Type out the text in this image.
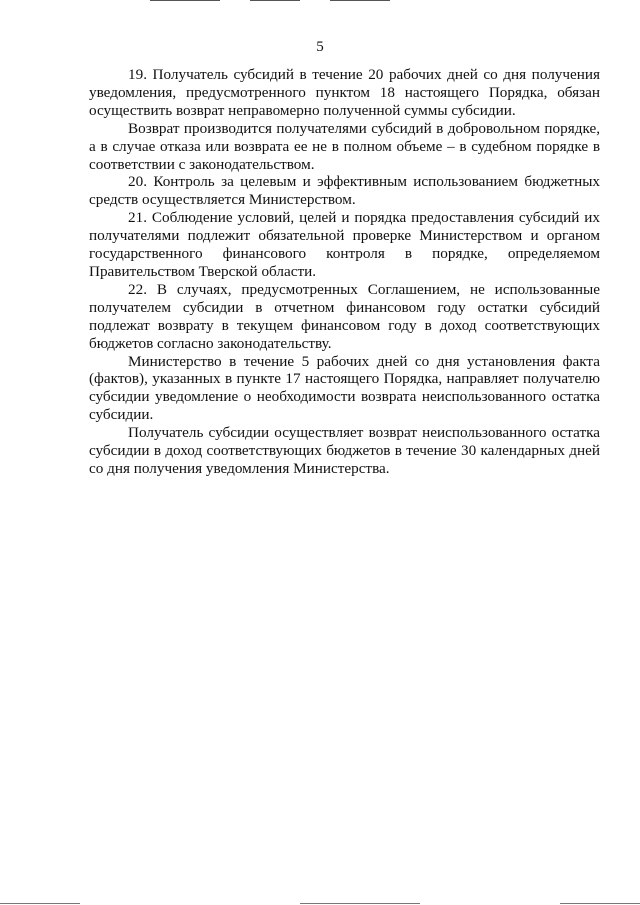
5

19. Получатель субсидий в течение 20 рабочих дней со дня получения уведомления, предусмотренного пунктом 18 настоящего Порядка, обязан осуществить возврат неправомерно полученной суммы субсидии.

Возврат производится получателями субсидий в добровольном порядке, а в случае отказа или возврата ее не в полном объеме – в судебном порядке в соответствии с законодательством.

20. Контроль за целевым и эффективным использованием бюджетных средств осуществляется Министерством.

21. Соблюдение условий, целей и порядка предоставления субсидий их получателями подлежит обязательной проверке Министерством и органом государственного финансового контроля в порядке, определяемом Правительством Тверской области.

22. В случаях, предусмотренных Соглашением, не использованные получателем субсидии в отчетном финансовом году остатки субсидий подлежат возврату в текущем финансовом году в доход соответствующих бюджетов согласно законодательству.

Министерство в течение 5 рабочих дней со дня установления факта (фактов), указанных в пункте 17 настоящего Порядка, направляет получателю субсидии уведомление о необходимости возврата неиспользованного остатка субсидии.

Получатель субсидии осуществляет возврат неиспользованного остатка субсидии в доход соответствующих бюджетов в течение 30 календарных дней со дня получения уведомления Министерства.
